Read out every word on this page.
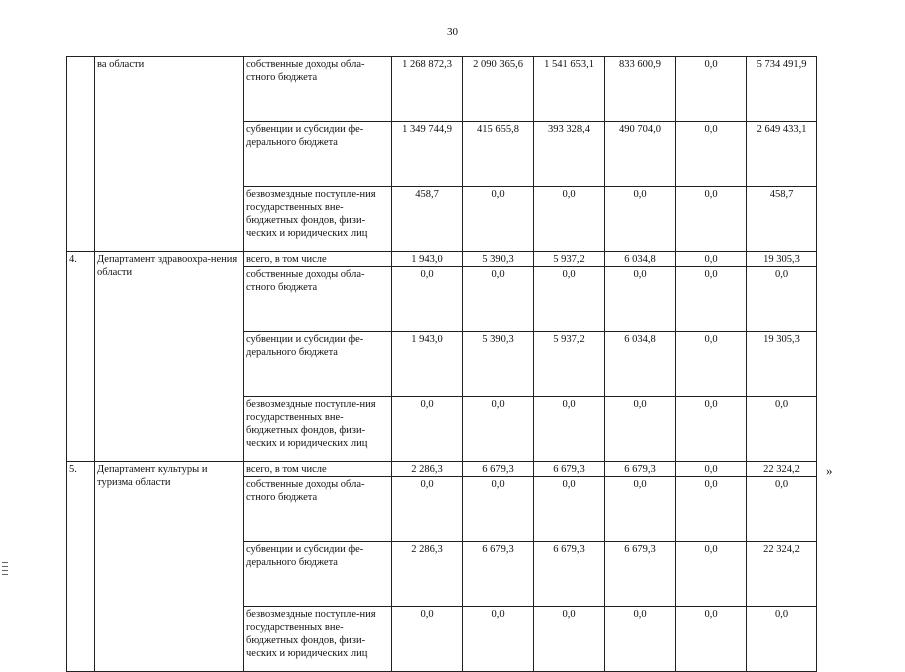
30
	ва области	собственные доходы обла-стного бюджета	1 268 872,3	2 090 365,6	1 541 653,1	833 600,9	0,0	5 734 491,9
		субвенции и субсидии фе-дерального бюджета	1 349 744,9	415 655,8	393 328,4	490 704,0	0,0	2 649 433,1
		безвозмездные поступле-ния государственных вне-бюджетных фондов, физи-ческих и юридических лиц	458,7	0,0	0,0	0,0	0,0	458,7
4.	Департамент здравоохра-нения области	всего, в том числе	1 943,0	5 390,3	5 937,2	6 034,8	0,0	19 305,3
		собственные доходы обла-стного бюджета	0,0	0,0	0,0	0,0	0,0	0,0
		субвенции и субсидии фе-дерального бюджета	1 943,0	5 390,3	5 937,2	6 034,8	0,0	19 305,3
		безвозмездные поступле-ния государственных вне-бюджетных фондов, физи-ческих и юридических лиц	0,0	0,0	0,0	0,0	0,0	0,0
5.	Департамент культуры и туризма области	всего, в том числе	2 286,3	6 679,3	6 679,3	6 679,3	0,0	22 324,2
		собственные доходы обла-стного бюджета	0,0	0,0	0,0	0,0	0,0	0,0
		субвенции и субсидии фе-дерального бюджета	2 286,3	6 679,3	6 679,3	6 679,3	0,0	22 324,2
		безвозмездные поступле-ния государственных вне-бюджетных фондов, физи-ческих и юридических лиц	0,0	0,0	0,0	0,0	0,0	0,0
»
